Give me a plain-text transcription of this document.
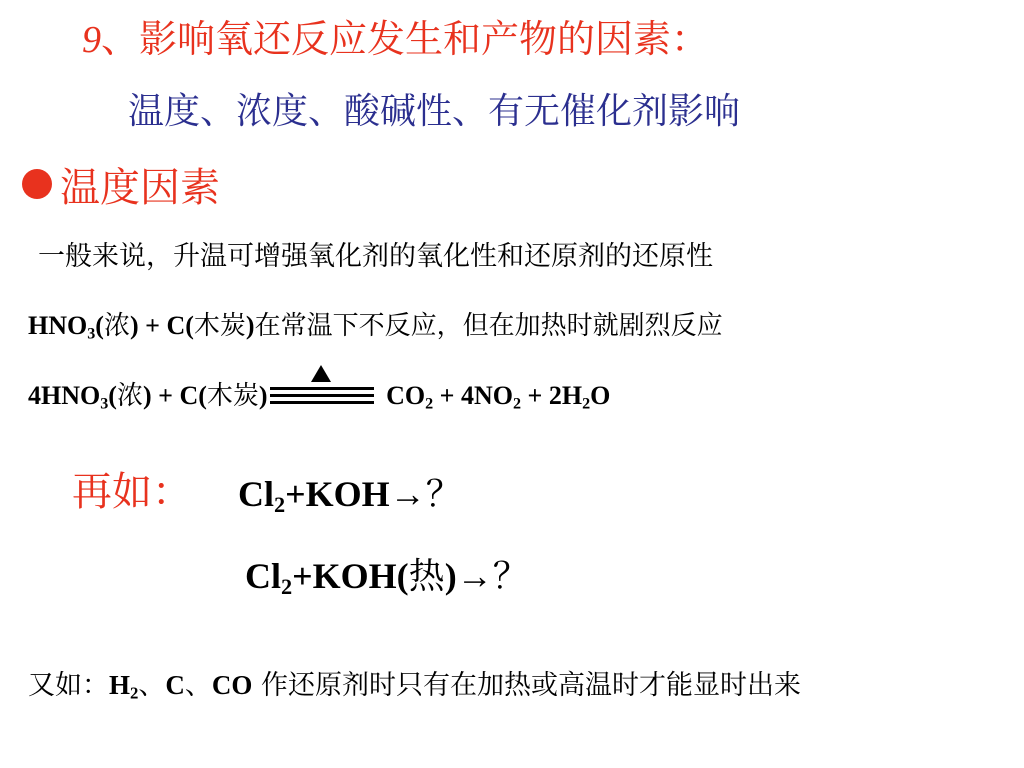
9、影响氧还反应发生和产物的因素：
温度、浓度、酸碱性、有无催化剂影响
温度因素
一般来说，升温可增强氧化剂的氧化性和还原剂的还原性
$HNO_3$(浓) + C(木炭)在常温下不反应，但在加热时就剧烈反应
$4HNO_3$(浓) + C(木炭)	$CO_2 + 4NO_2 + 2H_2O$
再如： $Cl_2+KOH\to$？
$Cl_2+KOH$(热)→？
又如：$H_2$、C、CO 作还原剂时只有在加热或高温时才能显时出来
